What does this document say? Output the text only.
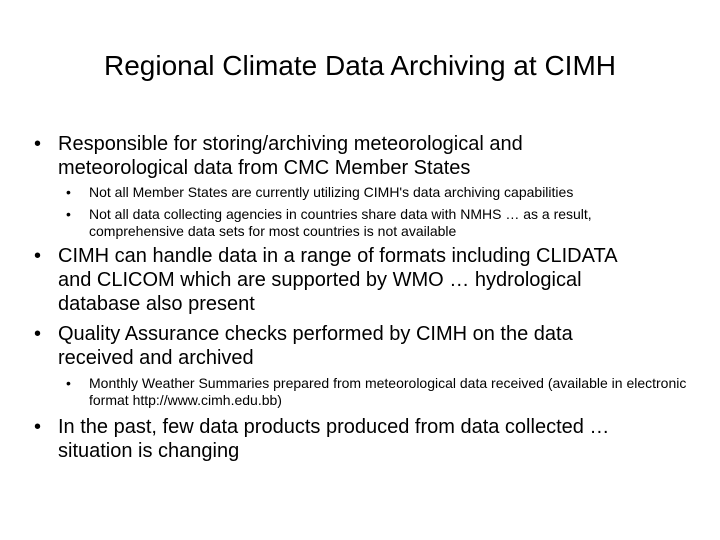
Regional Climate Data Archiving at CIMH
• Responsible for storing/archiving meteorological and meteorological data from CMC Member States
• Not all Member States are currently utilizing CIMH's data archiving capabilities
• Not all data collecting agencies in countries share data with NMHS … as a result, comprehensive data sets for most countries is not available
• CIMH can handle data in a range of formats including CLIDATA and CLICOM which are supported by WMO … hydrological database also present
• Quality Assurance checks performed by CIMH on the data received and archived
• Monthly Weather Summaries prepared from meteorological data received (available in electronic format http://www.cimh.edu.bb)
• In the past, few data products produced from data collected … situation is changing
